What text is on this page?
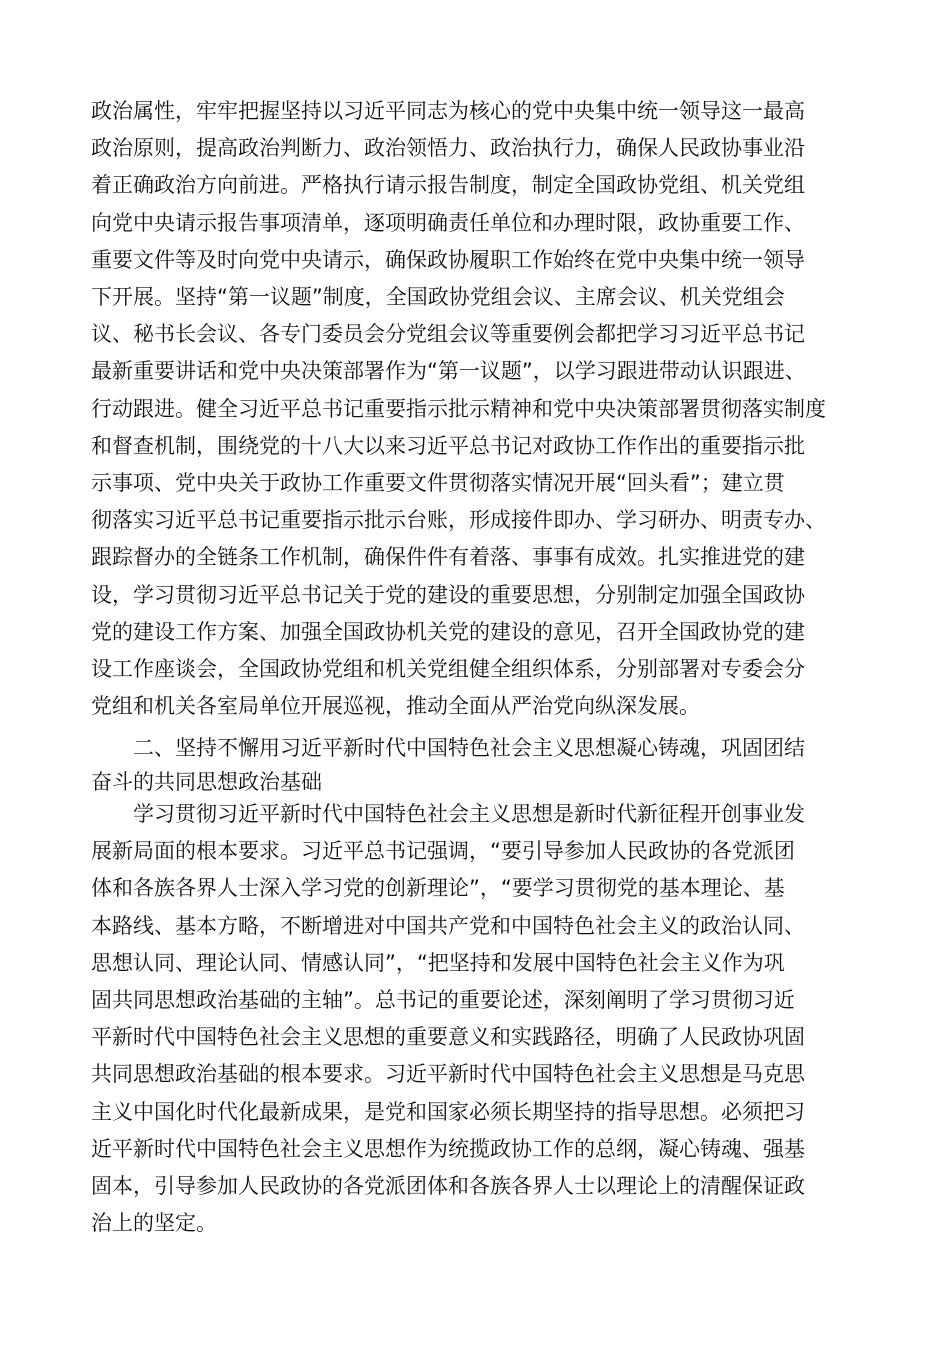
政治属性，牢牢把握坚持以习近平同志为核心的党中央集中统一领导这一最高
政治原则，提高政治判断力、政治领悟力、政治执行力，确保人民政协事业沿
着正确政治方向前进。严格执行请示报告制度，制定全国政协党组、机关党组
向党中央请示报告事项清单，逐项明确责任单位和办理时限，政协重要工作、
重要文件等及时向党中央请示，确保政协履职工作始终在党中央集中统一领导
下开展。坚持“第一议题”制度，全国政协党组会议、主席会议、机关党组会
议、秘书长会议、各专门委员会分党组会议等重要例会都把学习习近平总书记
最新重要讲话和党中央决策部署作为“第一议题”，以学习跟进带动认识跟进、
行动跟进。健全习近平总书记重要指示批示精神和党中央决策部署贯彻落实制度
和督查机制，围绕党的十八大以来习近平总书记对政协工作作出的重要指示批
示事项、党中央关于政协工作重要文件贯彻落实情况开展“回头看”；建立贯
彻落实习近平总书记重要指示批示台账，形成接件即办、学习研办、明责专办、
跟踪督办的全链条工作机制，确保件件有着落、事事有成效。扎实推进党的建
设，学习贯彻习近平总书记关于党的建设的重要思想，分别制定加强全国政协
党的建设工作方案、加强全国政协机关党的建设的意见，召开全国政协党的建
设工作座谈会，全国政协党组和机关党组健全组织体系，分别部署对专委会分
党组和机关各室局单位开展巡视，推动全面从严治党向纵深发展。
二、坚持不懈用习近平新时代中国特色社会主义思想凝心铸魂，巩固团结
奋斗的共同思想政治基础
学习贯彻习近平新时代中国特色社会主义思想是新时代新征程开创事业发
展新局面的根本要求。习近平总书记强调，“要引导参加人民政协的各党派团
体和各族各界人士深入学习党的创新理论”，“要学习贯彻党的基本理论、基
本路线、基本方略，不断增进对中国共产党和中国特色社会主义的政治认同、
思想认同、理论认同、情感认同”，“把坚持和发展中国特色社会主义作为巩
固共同思想政治基础的主轴”。总书记的重要论述，深刻阐明了学习贯彻习近
平新时代中国特色社会主义思想的重要意义和实践路径，明确了人民政协巩固
共同思想政治基础的根本要求。习近平新时代中国特色社会主义思想是马克思
主义中国化时代化最新成果，是党和国家必须长期坚持的指导思想。必须把习
近平新时代中国特色社会主义思想作为统揽政协工作的总纲，凝心铸魂、强基
固本，引导参加人民政协的各党派团体和各族各界人士以理论上的清醒保证政
治上的坚定。
